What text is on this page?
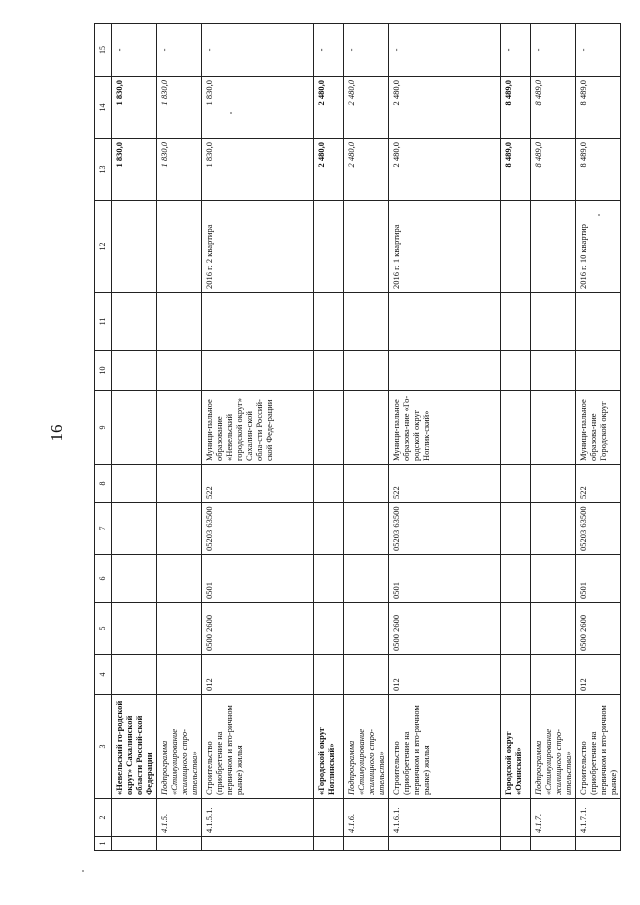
16
1	2	3	4	5	6	7	8	9	10	11	12	13	14	15
		«Невельский го-родской округ» Сахалинской области Россий-ской Федерации										1 830,0	1 830,0	-
	4.1.5.	Подпрограмма «Стимулирование жилищного стро-ительства»										1 830,0	1 830,0	-
	4.1.5.1.	Строительство (приобретение на первичном и вто-ричном рынке) жилья	012	0500 2600	0501	05203 63500	522	Муници-пальное образование «Невельский городской округ» Сахалин-ской обла-сти Россий-ской Феде-рации			2016 г. 2 квартира	1 830,0	1 830,0	-
		«Городской округ Ноглинский»										2 480,0	2 480,0	-
	4.1.6.	Подпрограмма «Стимулирование жилищного стро-ительства»										2 480,0	2 480,0	-
	4.1.6.1.	Строительство (приобретение на первичном и вто-ричном рынке) жилья	012	0500 2600	0501	05203 63500	522	Муници-пальное образова-ние «Го-родской округ Ноглик-ский»			2016 г. 1 квартира	2 480,0	2 480,0	-
		Городской округ «Охинский»										8 489,0	8 489,0	-
	4.1.7.	Подпрограмма «Стимулирование жилищного стро-ительства»										8 489,0	8 489,0	-
	4.1.7.1.	Строительство (приобретение на первичном и вто-ричном рынке)	012	0500 2600	0501	05203 63500	522	Муници-пальное образова-ние Городской округ			2016 г. 10 квартир	8 489,0	8 489,0	-
